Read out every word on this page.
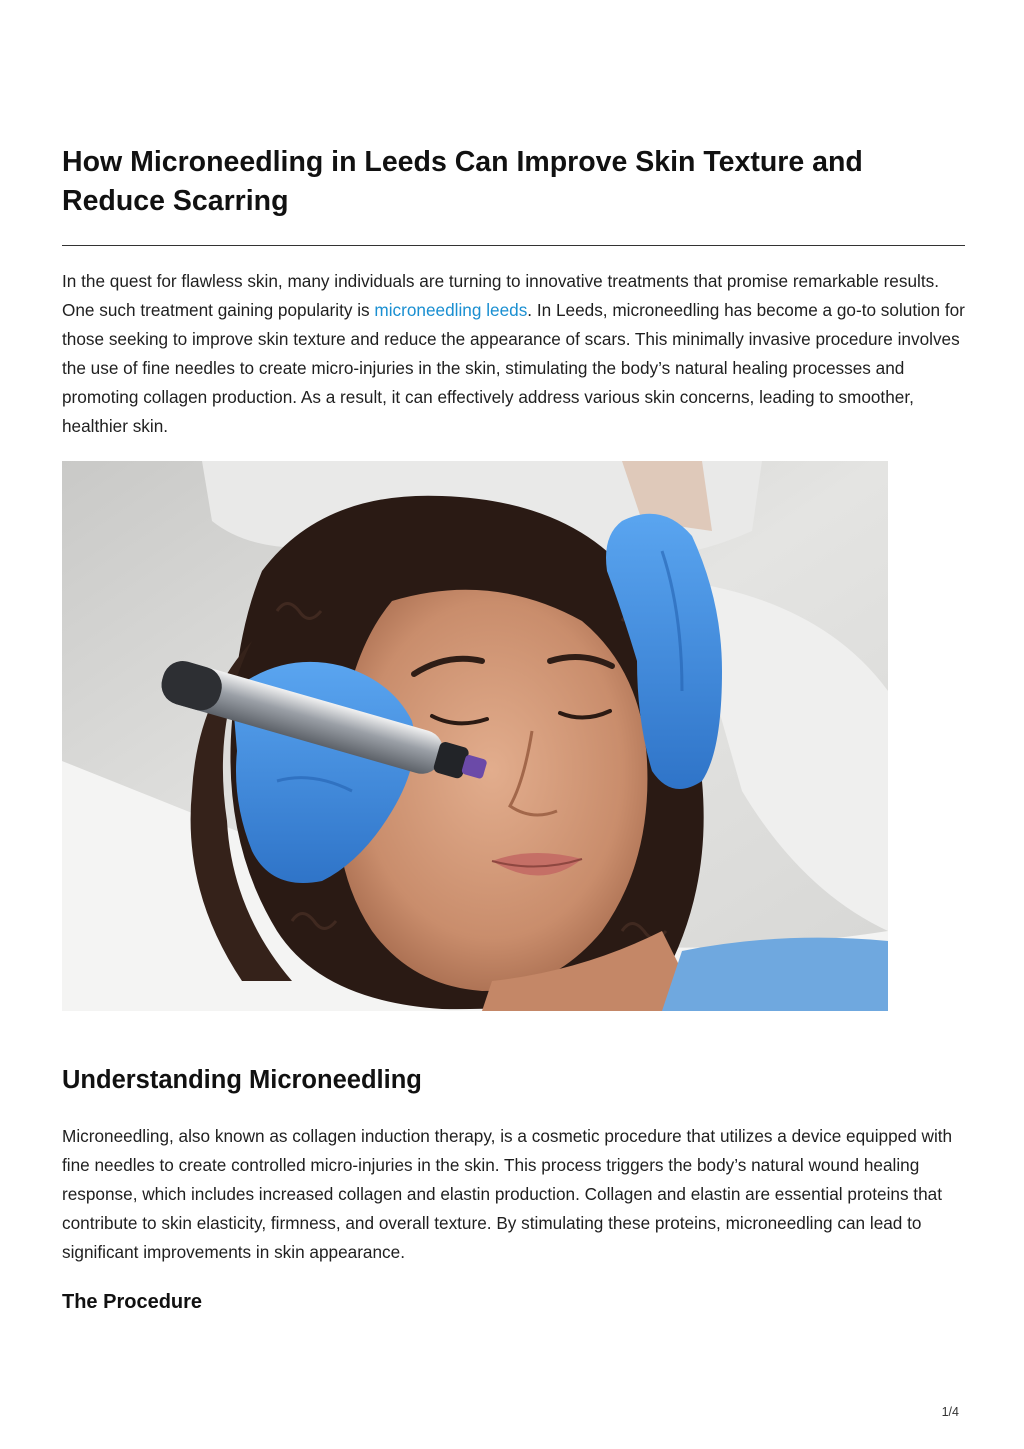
How Microneedling in Leeds Can Improve Skin Texture and Reduce Scarring

In the quest for flawless skin, many individuals are turning to innovative treatments that promise remarkable results. One such treatment gaining popularity is microneedling leeds. In Leeds, microneedling has become a go-to solution for those seeking to improve skin texture and reduce the appearance of scars. This minimally invasive procedure involves the use of fine needles to create micro-injuries in the skin, stimulating the body’s natural healing processes and promoting collagen production. As a result, it can effectively address various skin concerns, leading to smoother, healthier skin.

Understanding Microneedling

Microneedling, also known as collagen induction therapy, is a cosmetic procedure that utilizes a device equipped with fine needles to create controlled micro-injuries in the skin. This process triggers the body’s natural wound healing response, which includes increased collagen and elastin production. Collagen and elastin are essential proteins that contribute to skin elasticity, firmness, and overall texture. By stimulating these proteins, microneedling can lead to significant improvements in skin appearance.

The Procedure
1/4
